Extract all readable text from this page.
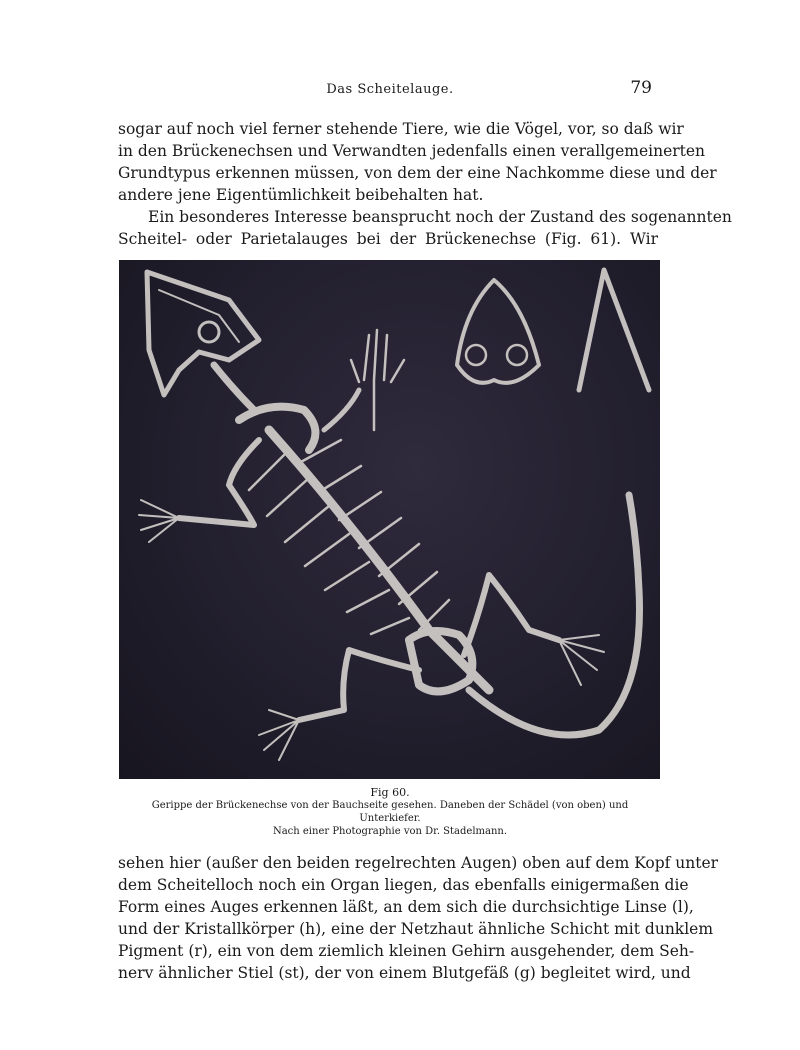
Das Scheitelauge.	79
sogar auf noch viel ferner stehende Tiere, wie die Vögel, vor, so daß wir
in den Brückenechsen und Verwandten jedenfalls einen verallgemeinerten
Grundtypus erkennen müssen, von dem der eine Nachkomme diese und der
andere jene Eigentümlichkeit beibehalten hat.
Ein besonderes Interesse beansprucht noch der Zustand des sogenannten
Scheitel- oder Parietalauges bei der Brückenechse (Fig. 61). Wir
Fig 60.
Gerippe der Brückenechse von der Bauchseite gesehen. Daneben der Schädel (von oben) und Unterkiefer.
Nach einer Photographie von Dr. Stadelmann.
sehen hier (außer den beiden regelrechten Augen) oben auf dem Kopf unter
dem Scheitelloch noch ein Organ liegen, das ebenfalls einigermaßen die
Form eines Auges erkennen läßt, an dem sich die durchsichtige Linse (l),
und der Kristallkörper (h), eine der Netzhaut ähnliche Schicht mit dunklem
Pigment (r), ein von dem ziemlich kleinen Gehirn ausgehender, dem Seh-
nerv ähnlicher Stiel (st), der von einem Blutgefäß (g) begleitet wird, und
